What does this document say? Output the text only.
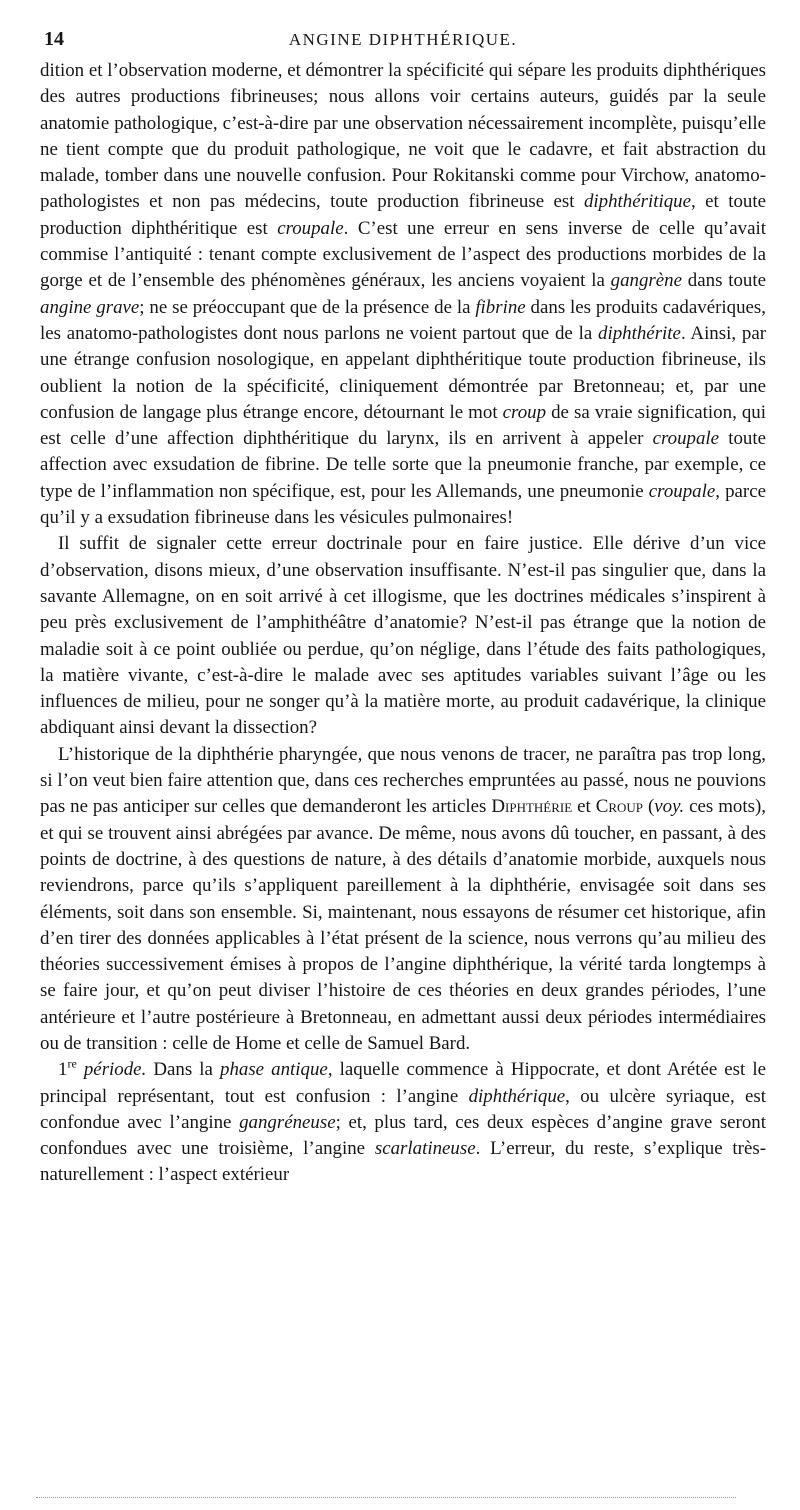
14	ANGINE DIPHTHÉRIQUE.

dition et l’observation moderne, et démontrer la spécificité qui sépare les produits diphthériques des autres productions fibrineuses; nous allons voir certains auteurs, guidés par la seule anatomie pathologique, c’est-à-dire par une observation nécessairement incomplète, puisqu’elle ne tient compte que du produit pathologique, ne voit que le cadavre, et fait abstraction du malade, tomber dans une nouvelle confusion. Pour Rokitanski comme pour Virchow, anatomo-pathologistes et non pas médecins, toute production fibrineuse est diphthéritique, et toute production diphthéritique est croupale. C’est une erreur en sens inverse de celle qu’avait commise l’antiquité : tenant compte exclusivement de l’aspect des productions morbides de la gorge et de l’ensemble des phénomènes généraux, les anciens voyaient la gangrène dans toute angine grave; ne se préoccupant que de la présence de la fibrine dans les produits cadavériques, les anatomo-pathologistes dont nous parlons ne voient partout que de la diphthérite. Ainsi, par une étrange confusion nosologique, en appelant diphthéritique toute production fibrineuse, ils oublient la notion de la spécificité, cliniquement démontrée par Bretonneau; et, par une confusion de langage plus étrange encore, détournant le mot croup de sa vraie signification, qui est celle d’une affection diphthéritique du larynx, ils en arrivent à appeler croupale toute affection avec exsudation de fibrine. De telle sorte que la pneumonie franche, par exemple, ce type de l’inflammation non spécifique, est, pour les Allemands, une pneumonie croupale, parce qu’il y a exsudation fibrineuse dans les vésicules pulmonaires!

Il suffit de signaler cette erreur doctrinale pour en faire justice. Elle dérive d’un vice d’observation, disons mieux, d’une observation insuffisante. N’est-il pas singulier que, dans la savante Allemagne, on en soit arrivé à cet illogisme, que les doctrines médicales s’inspirent à peu près exclusivement de l’amphithéâtre d’anatomie? N’est-il pas étrange que la notion de maladie soit à ce point oubliée ou perdue, qu’on néglige, dans l’étude des faits pathologiques, la matière vivante, c’est-à-dire le malade avec ses aptitudes variables suivant l’âge ou les influences de milieu, pour ne songer qu’à la matière morte, au produit cadavérique, la clinique abdiquant ainsi devant la dissection?

L’historique de la diphthérie pharyngée, que nous venons de tracer, ne paraîtra pas trop long, si l’on veut bien faire attention que, dans ces recherches empruntées au passé, nous ne pouvions pas ne pas anticiper sur celles que demanderont les articles Diphthérie et Croup (voy. ces mots), et qui se trouvent ainsi abrégées par avance. De même, nous avons dû toucher, en passant, à des points de doctrine, à des questions de nature, à des détails d’anatomie morbide, auxquels nous reviendrons, parce qu’ils s’appliquent pareillement à la diphthérie, envisagée soit dans ses éléments, soit dans son ensemble. Si, maintenant, nous essayons de résumer cet historique, afin d’en tirer des données applicables à l’état présent de la science, nous verrons qu’au milieu des théories successivement émises à propos de l’angine diphthérique, la vérité tarda longtemps à se faire jour, et qu’on peut diviser l’histoire de ces théories en deux grandes périodes, l’une antérieure et l’autre postérieure à Bretonneau, en admettant aussi deux périodes intermédiaires ou de transition : celle de Home et celle de Samuel Bard.

1re période. Dans la phase antique, laquelle commence à Hippocrate, et dont Arétée est le principal représentant, tout est confusion : l’angine diphthérique, ou ulcère syriaque, est confondue avec l’angine gangréneuse; et, plus tard, ces deux espèces d’angine grave seront confondues avec une troisième, l’angine scarlatineuse. L’erreur, du reste, s’explique très-naturellement : l’aspect extérieur
